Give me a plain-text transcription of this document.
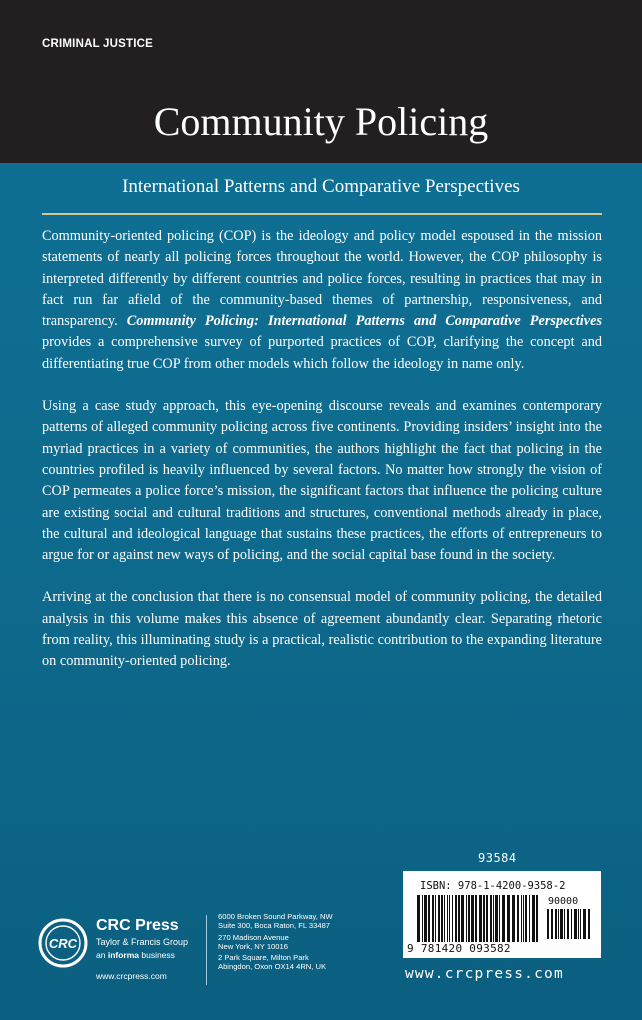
CRIMINAL JUSTICE
Community Policing
International Patterns and Comparative Perspectives

Community-oriented policing (COP) is the ideology and policy model espoused in the mission statements of nearly all policing forces throughout the world. However, the COP philosophy is interpreted differently by different countries and police forces, resulting in practices that may in fact run far afield of the community-based themes of partnership, responsiveness, and transparency. Community Policing: International Patterns and Comparative Perspectives provides a comprehensive survey of purported practices of COP, clarifying the concept and differentiating true COP from other models which follow the ideology in name only.

Using a case study approach, this eye-opening discourse reveals and examines contemporary patterns of alleged community policing across five continents. Providing insiders’ insight into the myriad practices in a variety of communities, the authors highlight the fact that policing in the countries profiled is heavily influenced by several factors. No matter how strongly the vision of COP permeates a police force’s mission, the significant factors that influence the policing culture are existing social and cultural traditions and structures, conventional methods already in place, the cultural and ideological language that sustains these practices, the efforts of entrepreneurs to argue for or against new ways of policing, and the social capital base found in the society.

Arriving at the conclusion that there is no consensual model of community policing, the detailed analysis in this volume makes this absence of agreement abundantly clear. Separating rhetoric from reality, this illuminating study is a practical, realistic contribution to the expanding literature on community-oriented policing.

93584
ISBN: 978-1-4200-9358-2
90000
9 781420 093582
www.crcpress.com
CRC
CRC Press
Taylor & Francis Group
an informa business
www.crcpress.com
6000 Broken Sound Parkway, NW
Suite 300, Boca Raton, FL 33487
270 Madison Avenue
New York, NY 10016
2 Park Square, Milton Park
Abingdon, Oxon OX14 4RN, UK
